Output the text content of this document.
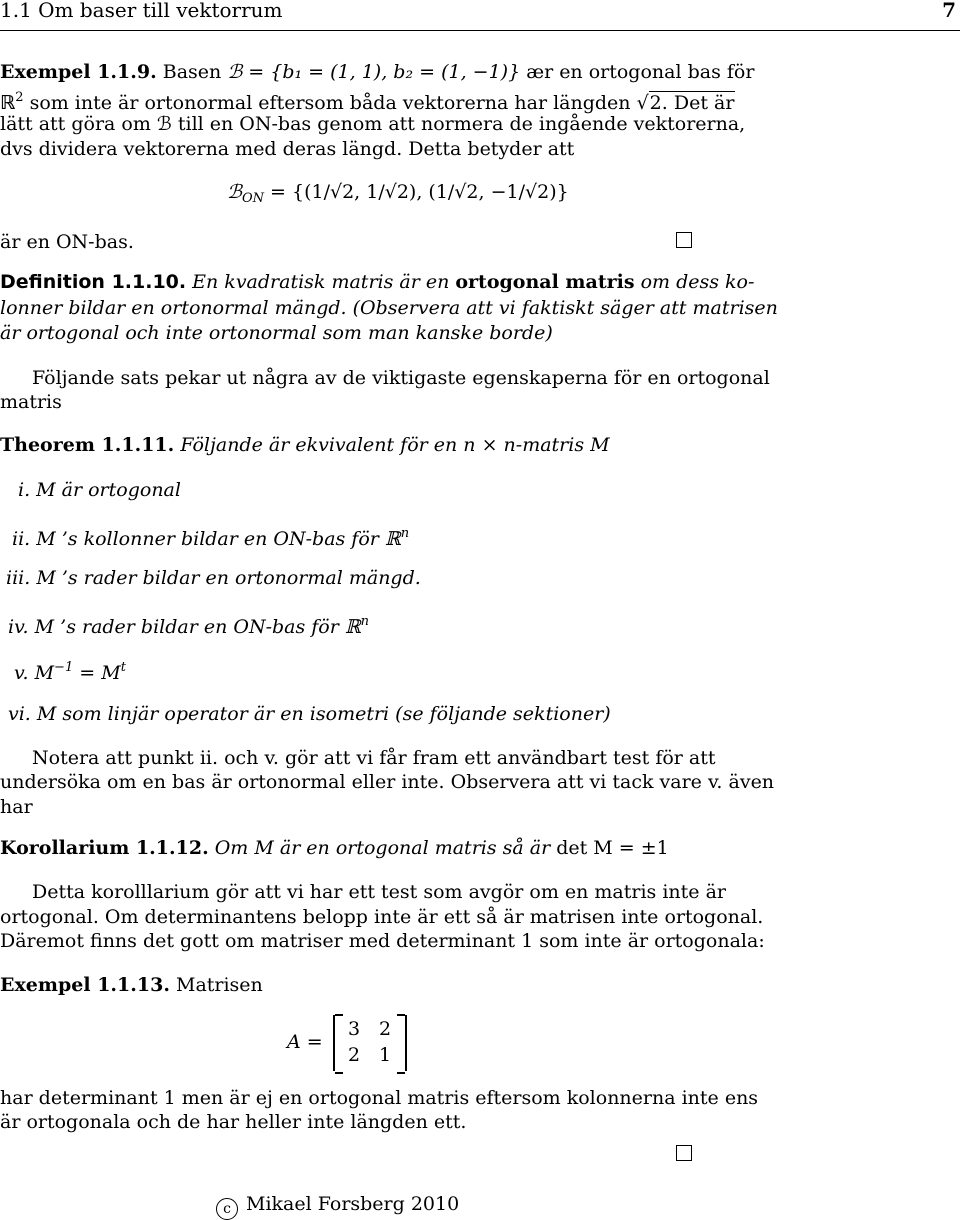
1.1 Om baser till vektorrum	7
Exempel 1.1.9. Basen ℬ = {b₁ = (1, 1), b₂ = (1, −1)} ær en ortogonal bas för
ℝ$^2$ som inte är ortonormal eftersom båda vektorerna har längden √2. Det är
lätt att göra om ℬ till en ON-bas genom att normera de ingående vektorerna,
dvs dividera vektorerna med deras längd. Detta betyder att
ℬ$_{ON}$ = {(1/√2, 1/√2), (1/√2, −1/√2)}
är en ON-bas.
Definition 1.1.10. En kvadratisk matris är en ortogonal matris om dess ko-
lonner bildar en ortonormal mängd. (Observera att vi faktiskt säger att matrisen
är ortogonal och inte ortonormal som man kanske borde)
Följande sats pekar ut några av de viktigaste egenskaperna för en ortogonal
matris
Theorem 1.1.11. Följande är ekvivalent för en n × n-matris M
i. M är ortogonal
ii. M ’s kollonner bildar en ON-bas för ℝ$^n$
iii. M ’s rader bildar en ortonormal mängd.
iv. M ’s rader bildar en ON-bas för ℝ$^n$
v. $M^{-1} = M^t$
vi. M som linjär operator är en isometri (se följande sektioner)
Notera att punkt ii. och v. gör att vi får fram ett användbart test för att
undersöka om en bas är ortonormal eller inte. Observera att vi tack vare v. även
har
Korollarium 1.1.12. Om M är en ortogonal matris så är det M = ±1
Detta korolllarium gör att vi har ett test som avgör om en matris inte är
ortogonal. Om determinantens belopp inte är ett så är matrisen inte ortogonal.
Däremot finns det gott om matriser med determinant 1 som inte är ortogonala:
Exempel 1.1.13. Matrisen
A =
3 2
2 1
har determinant 1 men är ej en ortogonal matris eftersom kolonnerna inte ens
är ortogonala och de har heller inte längden ett.
c Mikael Forsberg 2010
